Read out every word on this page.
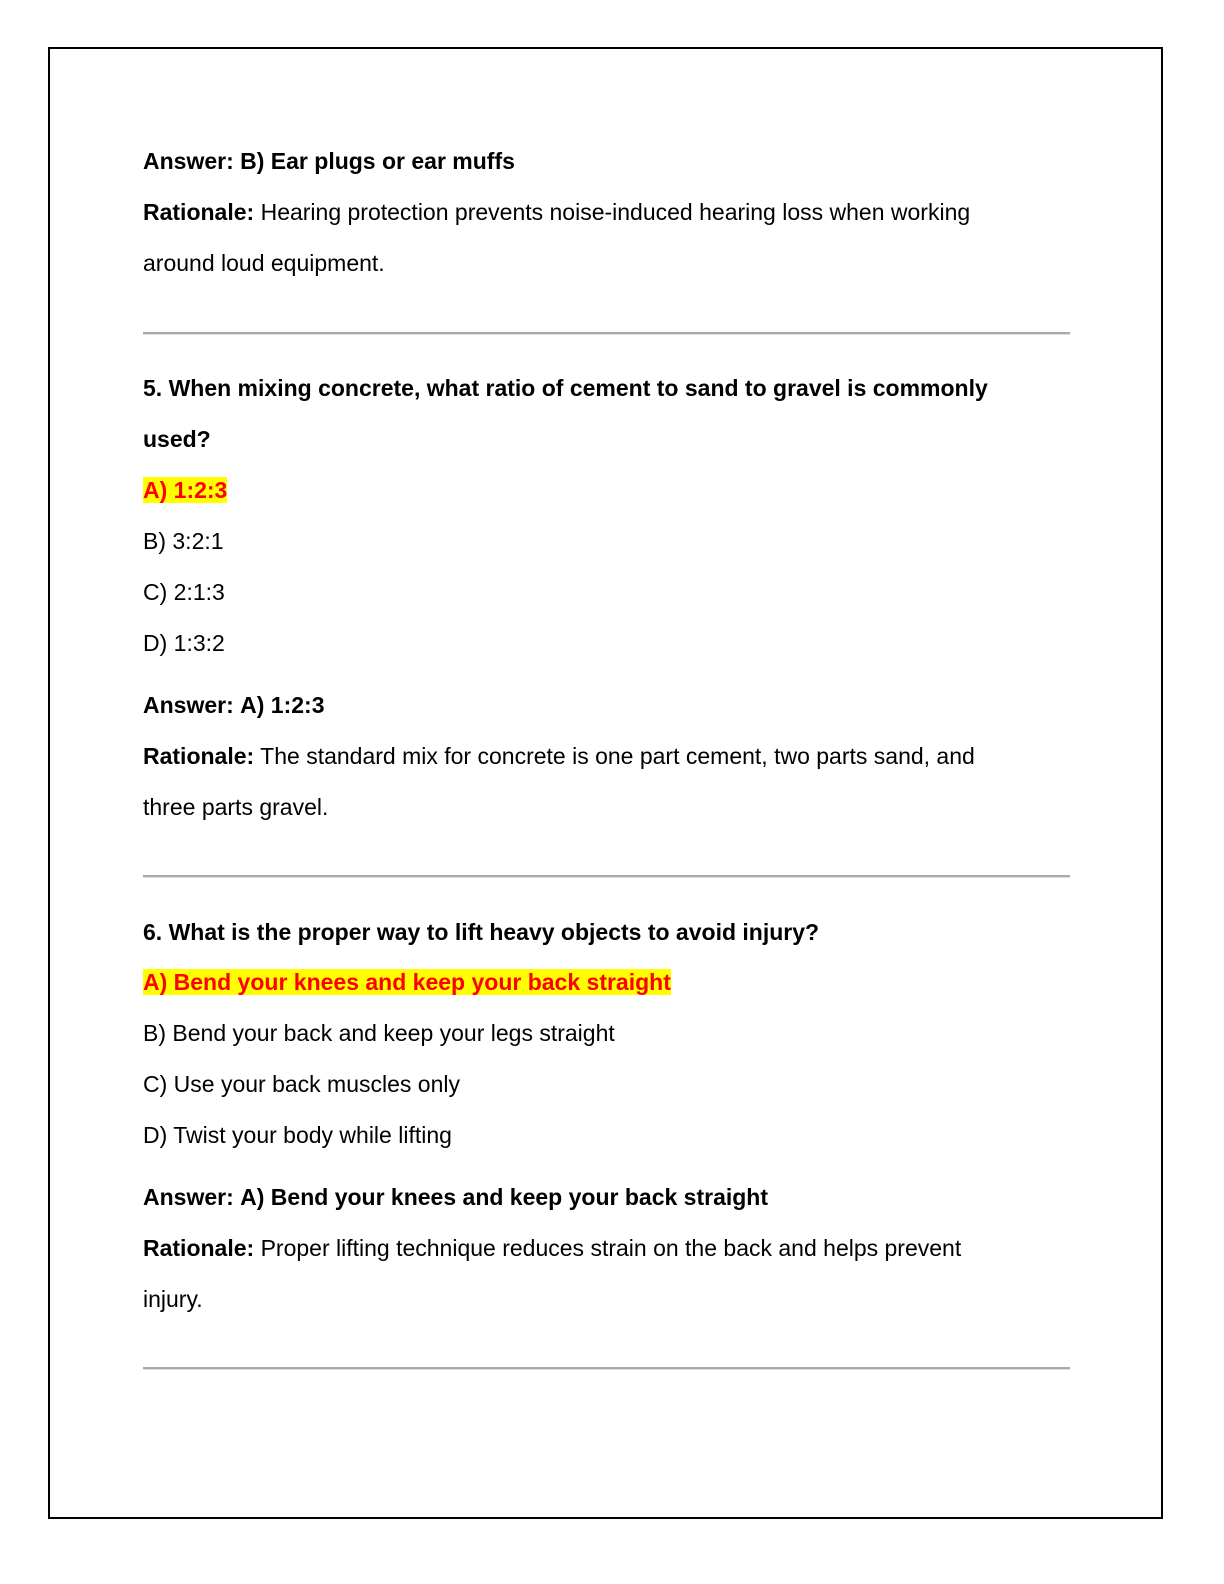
Answer: B) Ear plugs or ear muffs
Rationale: Hearing protection prevents noise-induced hearing loss when working
around loud equipment.
5. When mixing concrete, what ratio of cement to sand to gravel is commonly
used?
A) 1:2:3
B) 3:2:1
C) 2:1:3
D) 1:3:2
Answer: A) 1:2:3
Rationale: The standard mix for concrete is one part cement, two parts sand, and
three parts gravel.
6. What is the proper way to lift heavy objects to avoid injury?
A) Bend your knees and keep your back straight
B) Bend your back and keep your legs straight
C) Use your back muscles only
D) Twist your body while lifting
Answer: A) Bend your knees and keep your back straight
Rationale: Proper lifting technique reduces strain on the back and helps prevent
injury.
